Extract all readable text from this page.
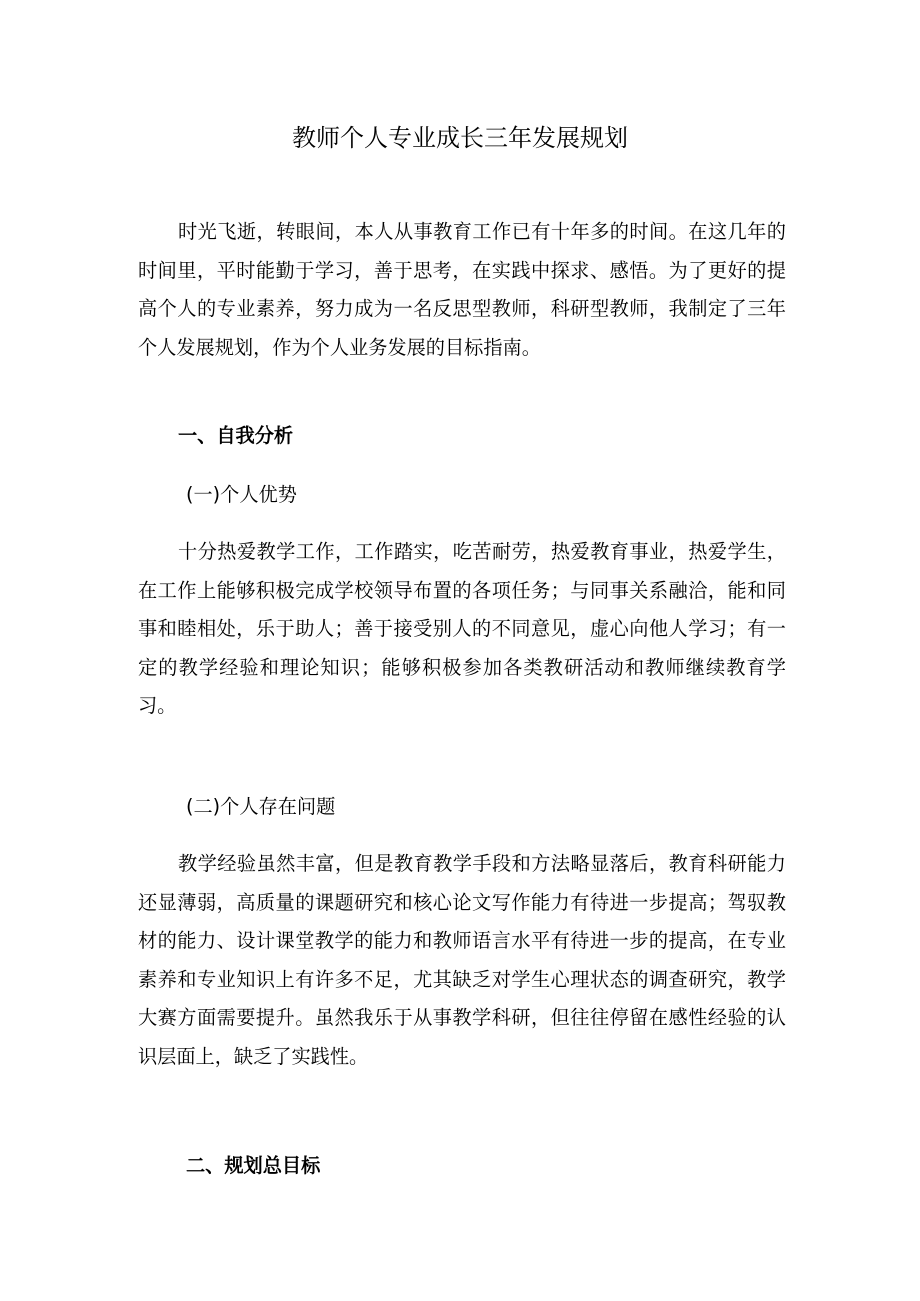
教师个人专业成长三年发展规划

时光飞逝，转眼间，本人从事教育工作已有十年多的时间。在这几年的时间里，平时能勤于学习，善于思考，在实践中探求、感悟。为了更好的提高个人的专业素养，努力成为一名反思型教师，科研型教师，我制定了三年个人发展规划，作为个人业务发展的目标指南。

一、自我分析
(一)个人优势

十分热爱教学工作，工作踏实，吃苦耐劳，热爱教育事业，热爱学生，在工作上能够积极完成学校领导布置的各项任务；与同事关系融洽，能和同事和睦相处，乐于助人；善于接受别人的不同意见，虚心向他人学习；有一定的教学经验和理论知识；能够积极参加各类教研活动和教师继续教育学习。

(二)个人存在问题

教学经验虽然丰富，但是教育教学手段和方法略显落后，教育科研能力还显薄弱，高质量的课题研究和核心论文写作能力有待进一步提高；驾驭教材的能力、设计课堂教学的能力和教师语言水平有待进一步的提高，在专业素养和专业知识上有许多不足，尤其缺乏对学生心理状态的调查研究，教学大赛方面需要提升。虽然我乐于从事教学科研，但往往停留在感性经验的认识层面上，缺乏了实践性。

二、规划总目标
